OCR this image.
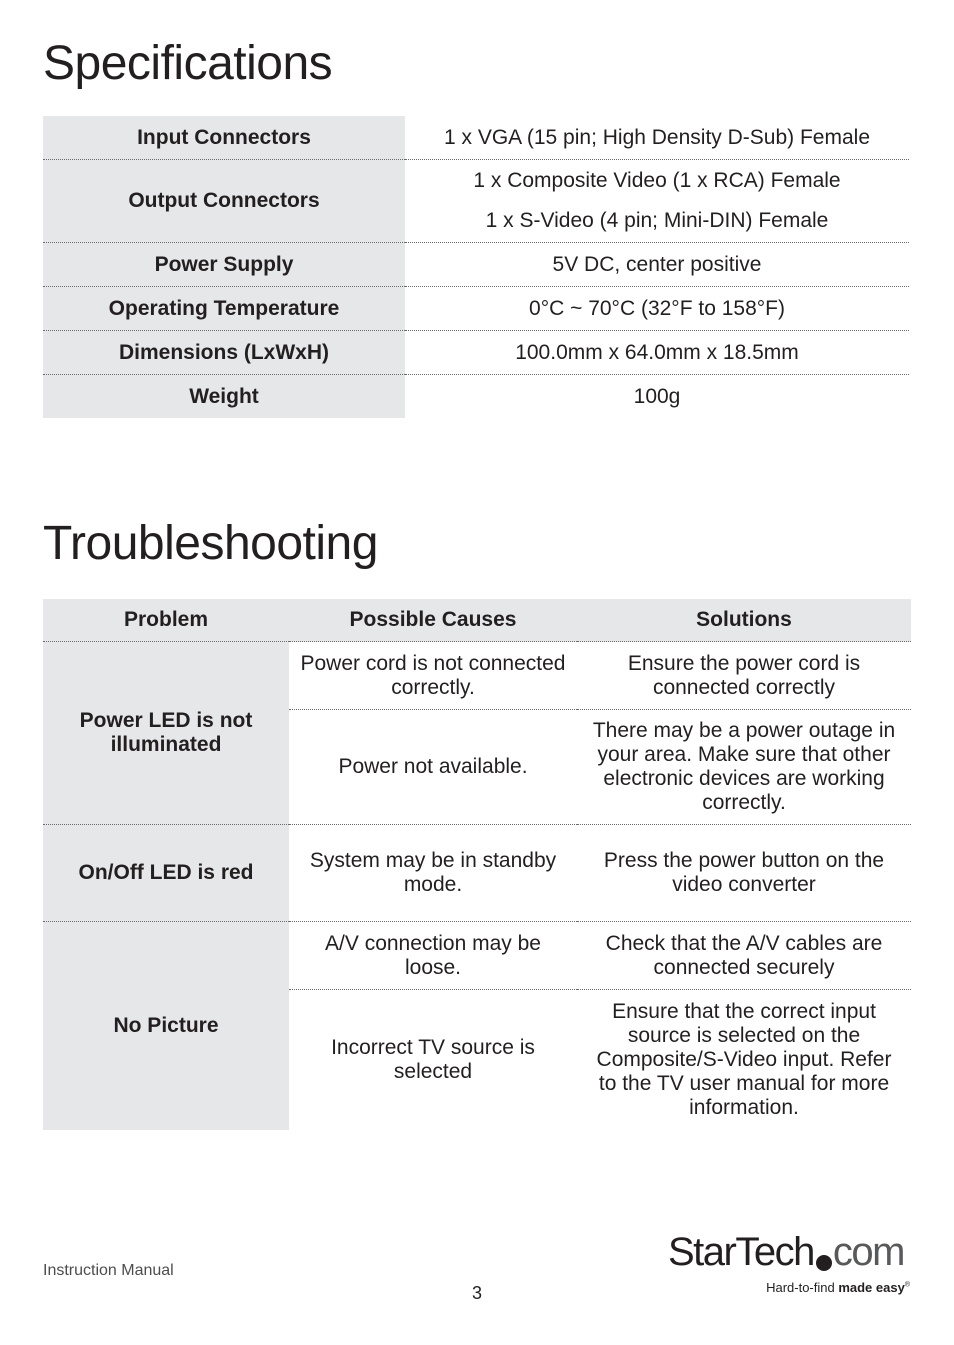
Specifications
Input Connectors	1 x VGA (15 pin; High Density D-Sub) Female

Output Connectors	1 x Composite Video (1 x RCA) Female
1 x S-Video (4 pin; Mini-DIN) Female

Power Supply	5V DC, center positive

Operating Temperature	0°C ~ 70°C (32°F to 158°F)

Dimensions (LxWxH)	100.0mm x 64.0mm x 18.5mm

Weight	100g
Troubleshooting
Problem	Possible Causes	Solutions
Power LED is not illuminated	Power cord is not connected correctly.	Ensure the power cord is connected correctly
	Power not available.	There may be a power outage in your area. Make sure that other electronic devices are working correctly.
On/Off LED is red	System may be in standby mode.	Press the power button on the video converter
No Picture	A/V connection may be loose.	Check that the A/V cables are connected securely
	Incorrect TV source is selected	Ensure that the correct input source is selected on the Composite/S-Video input. Refer to the TV user manual for more information.
Instruction Manual
3
StarTech com
Hard-to-find made easy®
